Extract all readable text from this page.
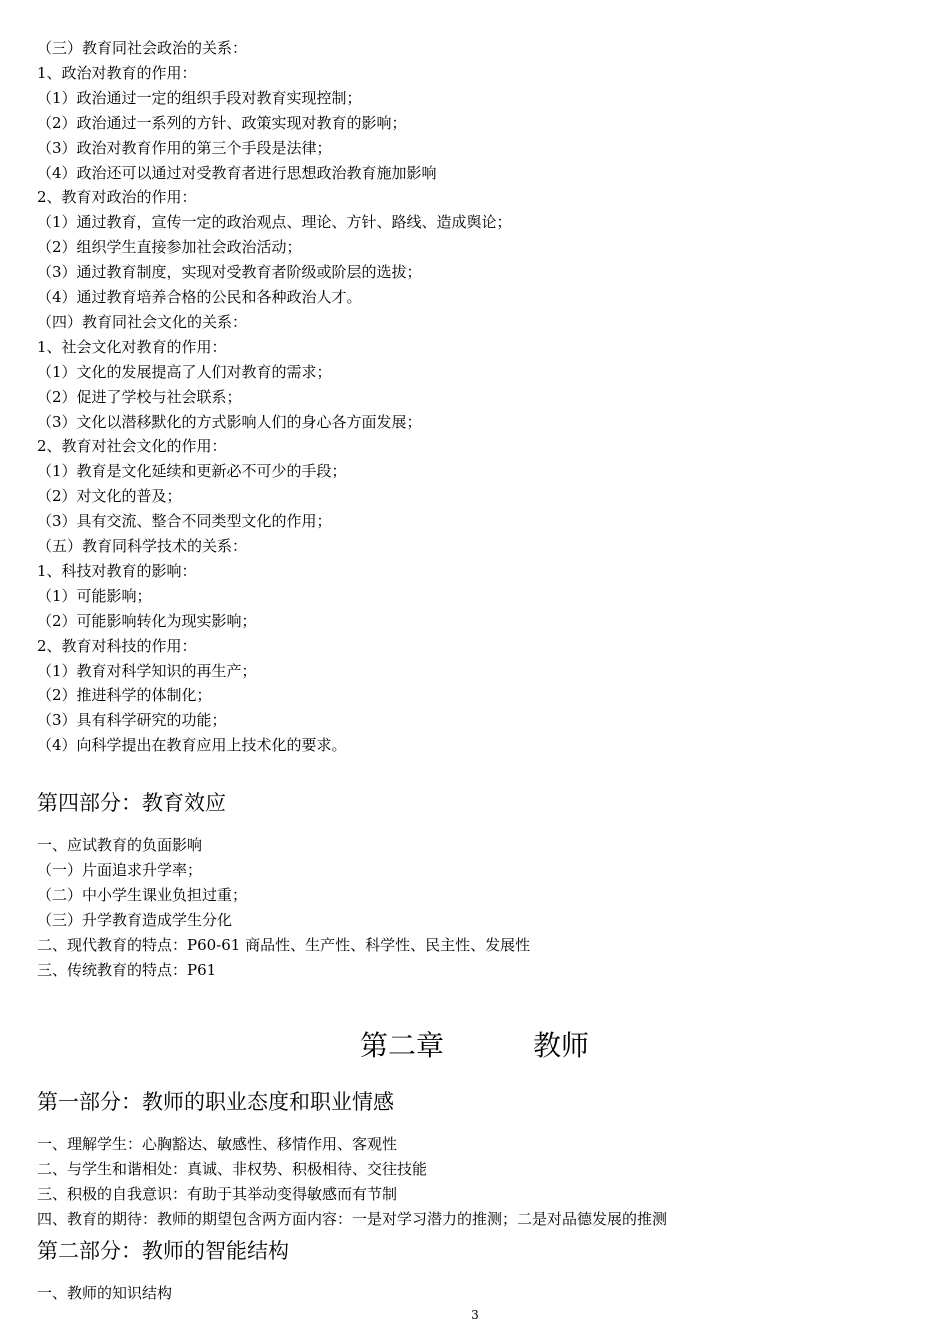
（三）教育同社会政治的关系：
1、政治对教育的作用：
（1）政治通过一定的组织手段对教育实现控制；
（2）政治通过一系列的方针、政策实现对教育的影响；
（3）政治对教育作用的第三个手段是法律；
（4）政治还可以通过对受教育者进行思想政治教育施加影响
2、教育对政治的作用：
（1）通过教育，宣传一定的政治观点、理论、方针、路线、造成舆论；
（2）组织学生直接参加社会政治活动；
（3）通过教育制度，实现对受教育者阶级或阶层的选拔；
（4）通过教育培养合格的公民和各种政治人才。
（四）教育同社会文化的关系：
1、社会文化对教育的作用：
（1）文化的发展提高了人们对教育的需求；
（2）促进了学校与社会联系；
（3）文化以潜移默化的方式影响人们的身心各方面发展；
2、教育对社会文化的作用：
（1）教育是文化延续和更新必不可少的手段；
（2）对文化的普及；
（3）具有交流、整合不同类型文化的作用；
（五）教育同科学技术的关系：
1、科技对教育的影响：
（1）可能影响；
（2）可能影响转化为现实影响；
2、教育对科技的作用：
（1）教育对科学知识的再生产；
（2）推进科学的体制化；
（3）具有科学研究的功能；
（4）向科学提出在教育应用上技术化的要求。
第四部分：教育效应
一、应试教育的负面影响
（一）片面追求升学率；
（二）中小学生课业负担过重；
（三）升学教育造成学生分化
二、现代教育的特点：P60-61 商品性、生产性、科学性、民主性、发展性
三、传统教育的特点：P61
第二章	教师
第一部分：教师的职业态度和职业情感
一、理解学生：心胸豁达、敏感性、移情作用、客观性
二、与学生和谐相处：真诚、非权势、积极相待、交往技能
三、积极的自我意识：有助于其举动变得敏感而有节制
四、教育的期待：教师的期望包含两方面内容：一是对学习潜力的推测；二是对品德发展的推测
第二部分：教师的智能结构
一、教师的知识结构
3
